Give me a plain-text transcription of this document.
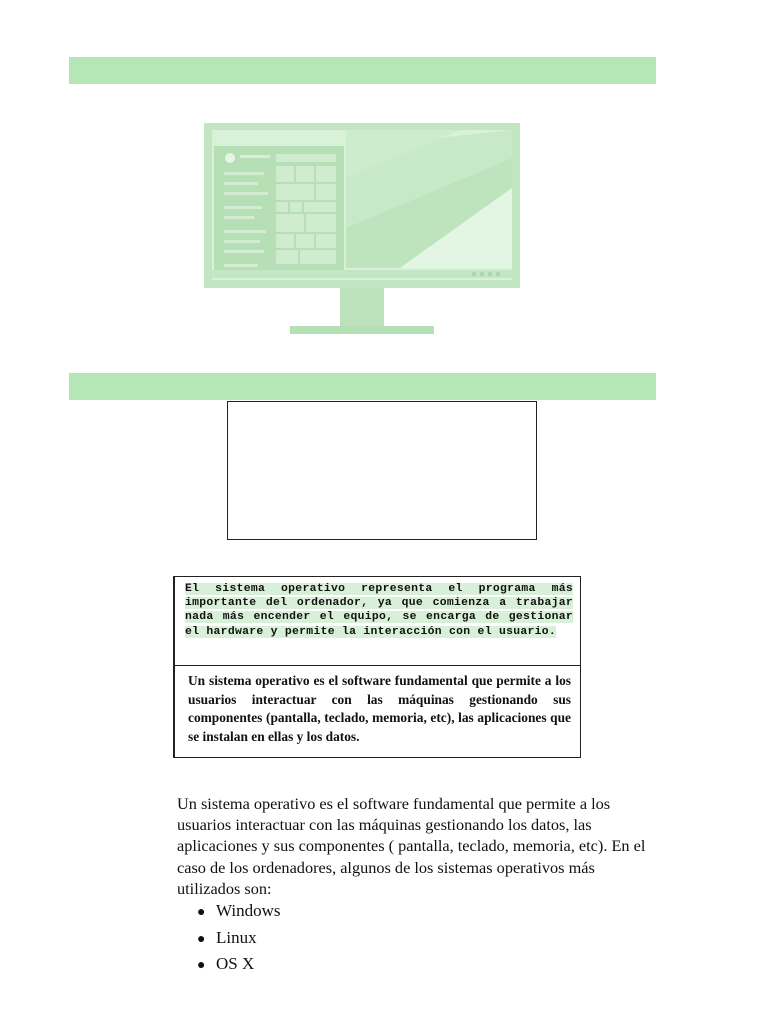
El sistema operativo representa el programa más importante del ordenador, ya que comienza a trabajar nada más encender el equipo, se encarga de gestionar el hardware y permite la interacción con el usuario.
Un sistema operativo es el software fundamental que permite a los usuarios interactuar con las máquinas gestionando sus componentes (pantalla, teclado, memoria, etc), las aplicaciones que se instalan en ellas y los datos.
Un sistema operativo es el software fundamental que permite a los usuarios interactuar con las máquinas gestionando los datos, las aplicaciones y sus componentes ( pantalla, teclado, memoria, etc). En el caso de los ordenadores, algunos de los sistemas operativos más utilizados son:
● Windows
● Linux
● OS X
